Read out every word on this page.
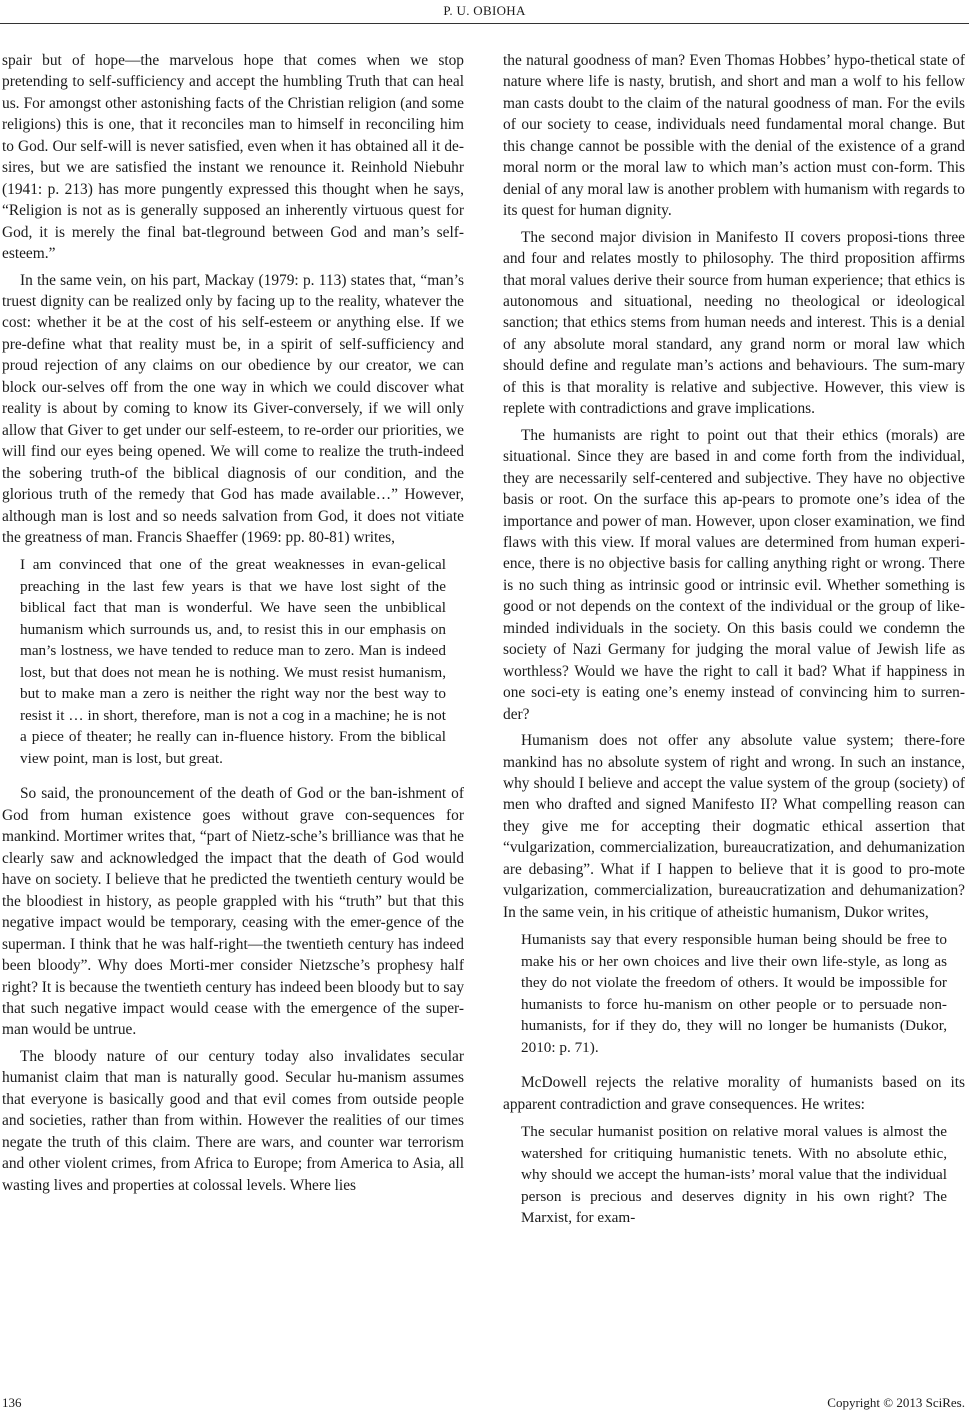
P. U. OBIOHA

spair but of hope—the marvelous hope that comes when we stop pretending to self-sufficiency and accept the humbling Truth that can heal us. For amongst other astonishing facts of the Christian religion (and some religions) this is one, that it reconciles man to himself in reconciling him to God. Our self-will is never satisfied, even when it has obtained all it de-sires, but we are satisfied the instant we renounce it. Reinhold Niebuhr (1941: p. 213) has more pungently expressed this thought when he says, “Religion is not as is generally supposed an inherently virtuous quest for God, it is merely the final bat-tleground between God and man’s self-esteem.”

In the same vein, on his part, Mackay (1979: p. 113) states that, “man’s truest dignity can be realized only by facing up to the reality, whatever the cost: whether it be at the cost of his self-esteem or anything else. If we pre-define what that reality must be, in a spirit of self-sufficiency and proud rejection of any claims on our obedience by our creator, we can block our-selves off from the one way in which we could discover what reality is about by coming to know its Giver-conversely, if we will only allow that Giver to get under our self-esteem, to re-order our priorities, we will find our eyes being opened. We will come to realize the truth-indeed the sobering truth-of the biblical diagnosis of our condition, and the glorious truth of the remedy that God has made available…” However, although man is lost and so needs salvation from God, it does not vitiate the greatness of man. Francis Shaeffer (1969: pp. 80-81) writes,

I am convinced that one of the great weaknesses in evan-gelical preaching in the last few years is that we have lost sight of the biblical fact that man is wonderful. We have seen the unbiblical humanism which surrounds us, and, to resist this in our emphasis on man’s lostness, we have tended to reduce man to zero. Man is indeed lost, but that does not mean he is nothing. We must resist humanism, but to make man a zero is neither the right way nor the best way to resist it … in short, therefore, man is not a cog in a machine; he is not a piece of theater; he really can in-fluence history. From the biblical view point, man is lost, but great.

So said, the pronouncement of the death of God or the ban-ishment of God from human existence goes without grave con-sequences for mankind. Mortimer writes that, “part of Nietz-sche’s brilliance was that he clearly saw and acknowledged the impact that the death of God would have on society. I believe that he predicted the twentieth century would be the bloodiest in history, as people grappled with his “truth” but that this negative impact would be temporary, ceasing with the emer-gence of the superman. I think that he was half-right—the twentieth century has indeed been bloody”. Why does Morti-mer consider Nietzsche’s prophesy half right? It is because the twentieth century has indeed been bloody but to say that such negative impact would cease with the emergence of the super-man would be untrue.

The bloody nature of our century today also invalidates secular humanist claim that man is naturally good. Secular hu-manism assumes that everyone is basically good and that evil comes from outside people and societies, rather than from within. However the realities of our times negate the truth of this claim. There are wars, and counter war terrorism and other violent crimes, from Africa to Europe; from America to Asia, all wasting lives and properties at colossal levels. Where lies

the natural goodness of man? Even Thomas Hobbes’ hypo-thetical state of nature where life is nasty, brutish, and short and man a wolf to his fellow man casts doubt to the claim of the natural goodness of man. For the evils of our society to cease, individuals need fundamental moral change. But this change cannot be possible with the denial of the existence of a grand moral norm or the moral law to which man’s action must con-form. This denial of any moral law is another problem with humanism with regards to its quest for human dignity.

The second major division in Manifesto II covers proposi-tions three and four and relates mostly to philosophy. The third proposition affirms that moral values derive their source from human experience; that ethics is autonomous and situational, needing no theological or ideological sanction; that ethics stems from human needs and interest. This is a denial of any absolute moral standard, any grand norm or moral law which should define and regulate man’s actions and behaviours. The sum-mary of this is that morality is relative and subjective. However, this view is replete with contradictions and grave implications.

The humanists are right to point out that their ethics (morals) are situational. Since they are based in and come forth from the individual, they are necessarily self-centered and subjective. They have no objective basis or root. On the surface this ap-pears to promote one’s idea of the importance and power of man. However, upon closer examination, we find flaws with this view. If moral values are determined from human experi-ence, there is no objective basis for calling anything right or wrong. There is no such thing as intrinsic good or intrinsic evil. Whether something is good or not depends on the context of the individual or the group of like-minded individuals in the society. On this basis could we condemn the society of Nazi Germany for judging the moral value of Jewish life as worthless? Would we have the right to call it bad? What if happiness in one soci-ety is eating one’s enemy instead of convincing him to surren-der?

Humanism does not offer any absolute value system; there-fore mankind has no absolute system of right and wrong. In such an instance, why should I believe and accept the value system of the group (society) of men who drafted and signed Manifesto II? What compelling reason can they give me for accepting their dogmatic ethical assertion that “vulgarization, commercialization, bureaucratization, and dehumanization are debasing”. What if I happen to believe that it is good to pro-mote vulgarization, commercialization, bureaucratization and dehumanization? In the same vein, in his critique of atheistic humanism, Dukor writes,

Humanists say that every responsible human being should be free to make his or her own choices and live their own life-style, as long as they do not violate the freedom of others. It would be impossible for humanists to force hu-manism on other people or to persuade non-humanists, for if they do, they will no longer be humanists (Dukor, 2010: p. 71).

McDowell rejects the relative morality of humanists based on its apparent contradiction and grave consequences. He writes:

The secular humanist position on relative moral values is almost the watershed for critiquing humanistic tenets. With no absolute ethic, why should we accept the human-ists’ moral value that the individual person is precious and deserves dignity in his own right? The Marxist, for exam-
136	Copyright © 2013 SciRes.
